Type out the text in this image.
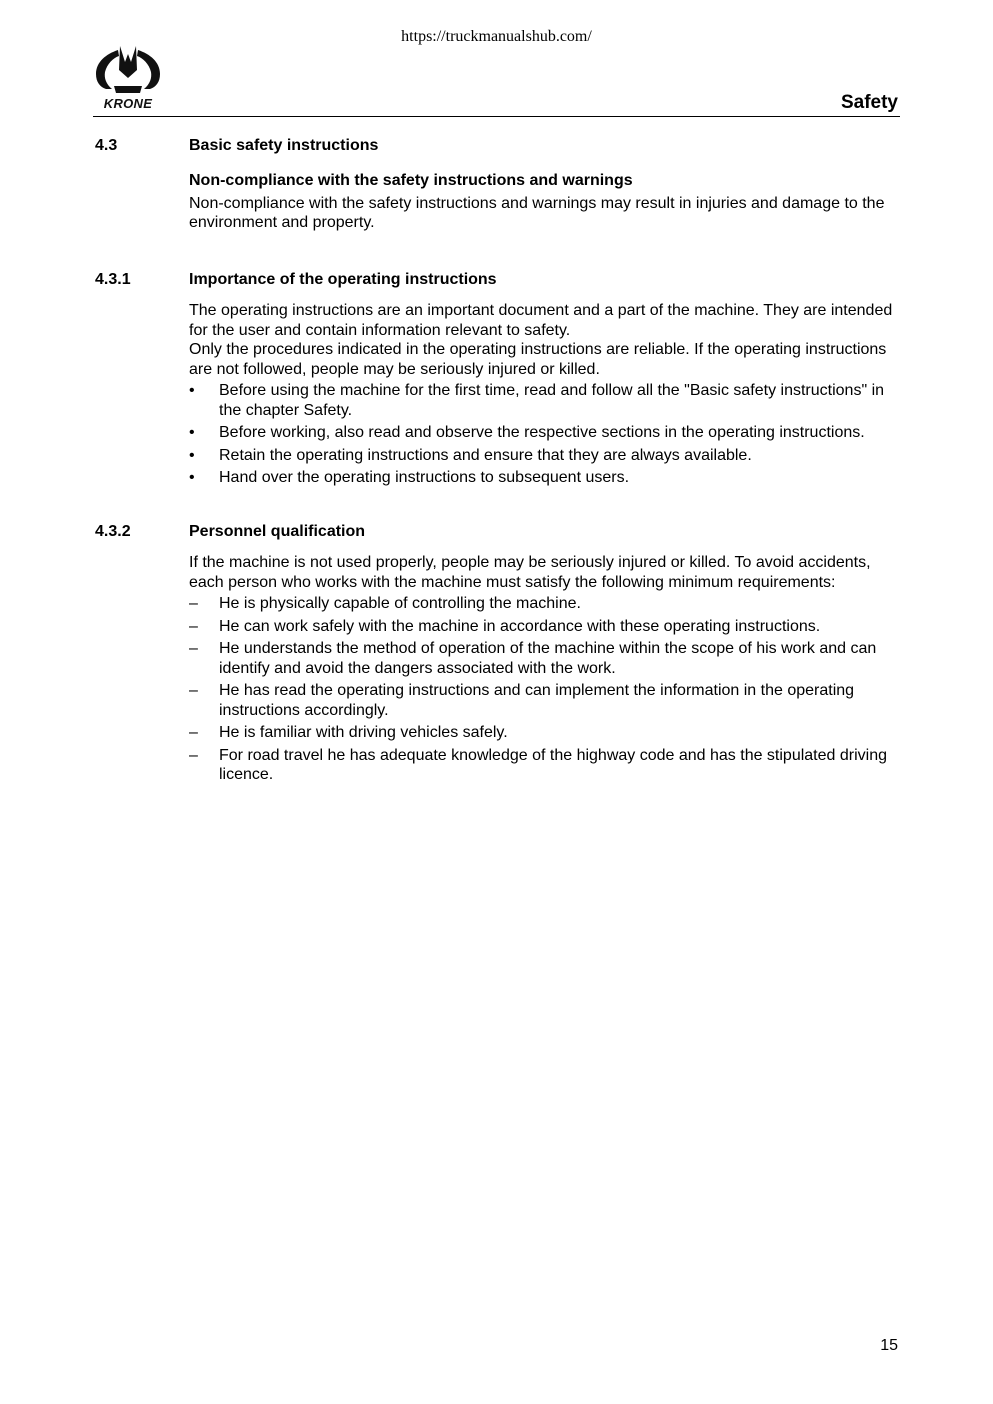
https://truckmanualshub.com/
KRONE	Safety
4.3	Basic safety instructions
Non-compliance with the safety instructions and warnings
Non-compliance with the safety instructions and warnings may result in injuries and damage to the environment and property.
4.3.1	Importance of the operating instructions
The operating instructions are an important document and a part of the machine. They are intended for the user and contain information relevant to safety.
Only the procedures indicated in the operating instructions are reliable. If the operating instructions are not followed, people may be seriously injured or killed.
• Before using the machine for the first time, read and follow all the "Basic safety instructions" in the chapter Safety.
• Before working, also read and observe the respective sections in the operating instructions.
• Retain the operating instructions and ensure that they are always available.
• Hand over the operating instructions to subsequent users.
4.3.2	Personnel qualification
If the machine is not used properly, people may be seriously injured or killed. To avoid accidents, each person who works with the machine must satisfy the following minimum requirements:
– He is physically capable of controlling the machine.
– He can work safely with the machine in accordance with these operating instructions.
– He understands the method of operation of the machine within the scope of his work and can identify and avoid the dangers associated with the work.
– He has read the operating instructions and can implement the information in the operating instructions accordingly.
– He is familiar with driving vehicles safely.
– For road travel he has adequate knowledge of the highway code and has the stipulated driving licence.
15
